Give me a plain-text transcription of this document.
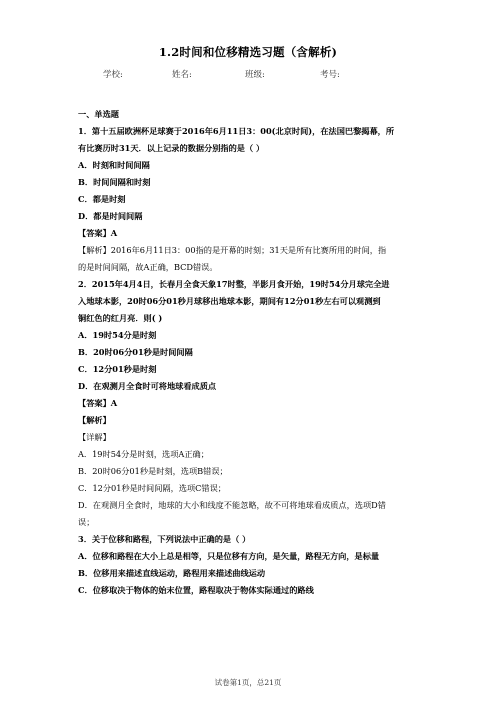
1.2时间和位移精选习题（含解析)
学校:	姓名:	班级:	考号:
一、单选题
1．第十五届欧洲杯足球赛于2016年6月11日3：00(北京时间)，在法国巴黎揭幕，所
有比赛历时31天．以上记录的数据分别指的是（ ）
A．时刻和时间间隔
B．时间间隔和时刻
C．都是时刻
D．都是时间间隔
【答案】A
【解析】2016年6月11日3：00指的是开幕的时刻；31天是所有比赛所用的时间，指
的是时间间隔，故A正确，BCD错误。
2．2015年4月4日，长春月全食天象17时整，半影月食开始，19时54分月球完全进
入地球本影，20时06分01秒月球移出地球本影，期间有12分01秒左右可以观测到
铜红色的红月亮．则( )
A．19时54分是时刻
B．20时06分01秒是时间间隔
C．12分01秒是时刻
D．在观测月全食时可将地球看成质点
【答案】A
【解析】
【详解】
A．19时54分是时刻，选项A正确；
B．20时06分01秒是时刻，选项B错误；
C．12分01秒是时间间隔，选项C错误；
D．在观测月全食时，地球的大小和线度不能忽略，故不可将地球看成质点，选项D错
误；
3．关于位移和路程，下列说法中正确的是（ ）
A．位移和路程在大小上总是相等，只是位移有方向，是矢量，路程无方向，是标量
B．位移用来描述直线运动，路程用来描述曲线运动
C．位移取决于物体的始末位置，路程取决于物体实际通过的路线
试卷第1页，总21页
